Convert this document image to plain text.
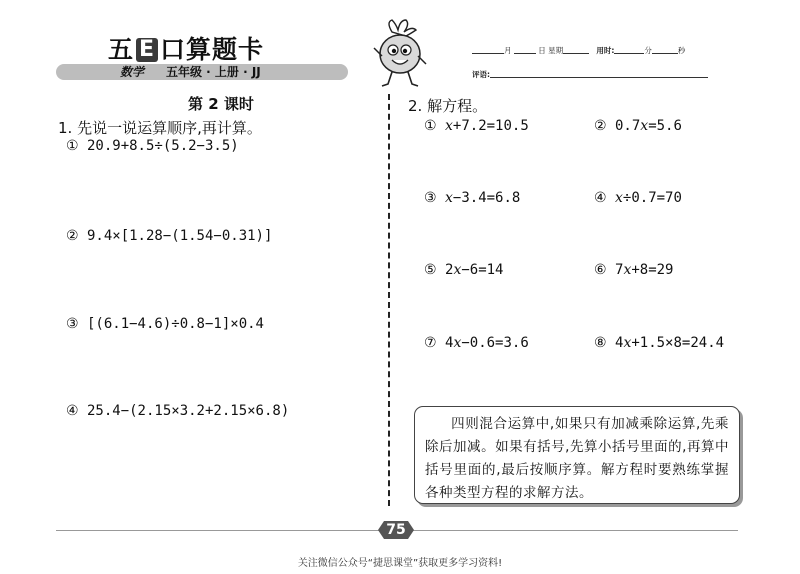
五 E 口算题卡
数学 五年级 · 上册 · JJ
月	日 星期	用时:	分	秒
评语:
第 2 课时
1. 先说一说运算顺序,再计算。
① 20.9+8.5÷(5.2−3.5)
② 9.4×[1.28−(1.54−0.31)]
③ [(6.1−4.6)÷0.8−1]×0.4
④ 25.4−(2.15×3.2+2.15×6.8)
2. 解方程。
① x+7.2=10.5	② 0.7x=5.6
③ x−3.4=6.8	④ x÷0.7=70
⑤ 2x−6=14	⑥ 7x+8=29
⑦ 4x−0.6=3.6	⑧ 4x+1.5×8=24.4
四则混合运算中,如果只有加减乘除运算,先乘除后加减。如果有括号,先算小括号里面的,再算中括号里面的,最后按顺序算。解方程时要熟练掌握各种类型方程的求解方法。
75
关注微信公众号“捷思课堂”获取更多学习资料!
